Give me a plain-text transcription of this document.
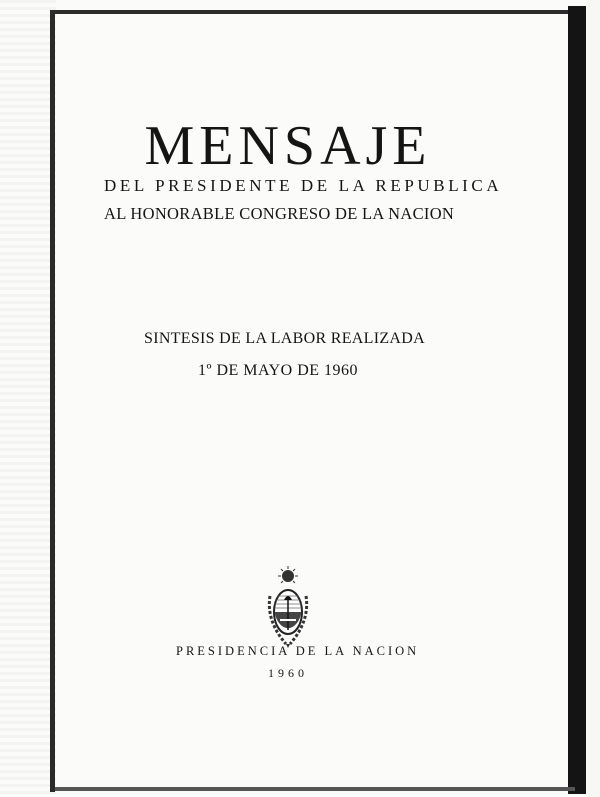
MENSAJE
DEL PRESIDENTE DE LA REPUBLICA
AL HONORABLE CONGRESO DE LA NACION
SINTESIS DE LA LABOR REALIZADA
1º DE MAYO DE 1960
PRESIDENCIA DE LA NACION
1960
